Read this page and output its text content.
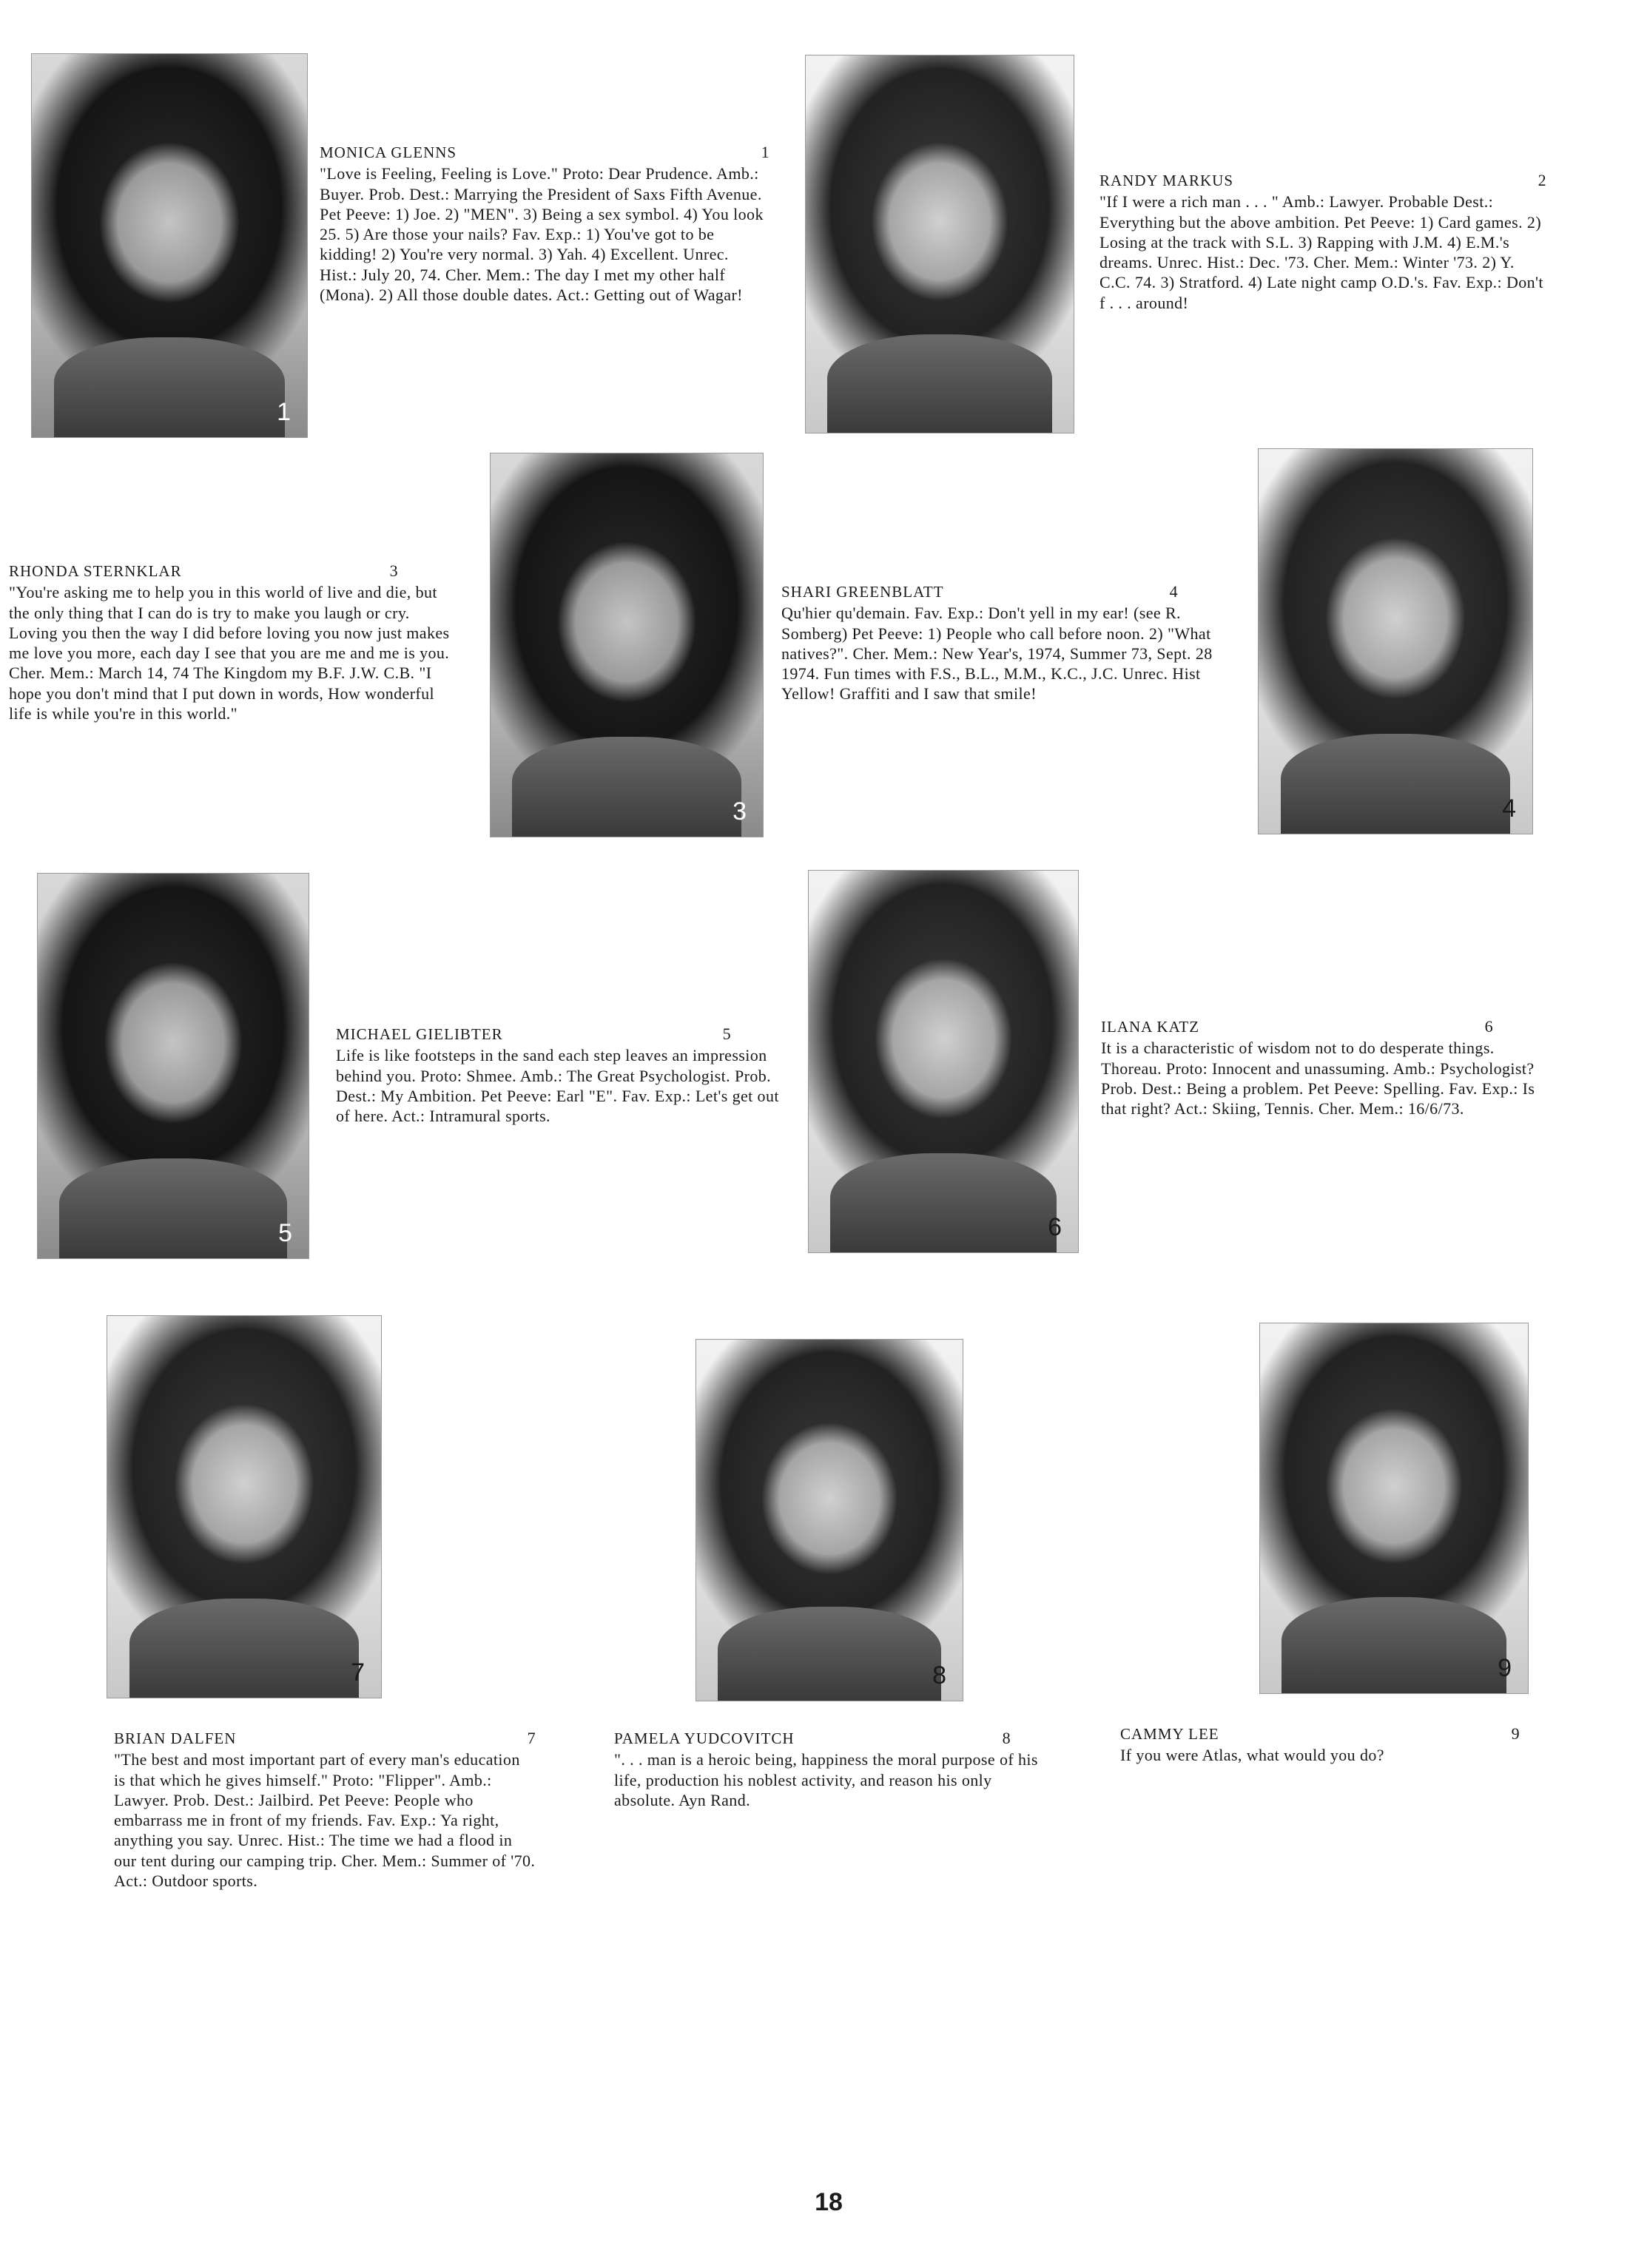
1
MONICA GLENNS	1
"Love is Feeling, Feeling is Love." Proto: Dear Prudence. Amb.: Buyer. Prob. Dest.: Marrying the President of Saxs Fifth Avenue. Pet Peeve: 1) Joe. 2) "MEN". 3) Being a sex symbol. 4) You look 25. 5) Are those your nails? Fav. Exp.: 1) You've got to be kidding! 2) You're very normal. 3) Yah. 4) Excellent. Unrec. Hist.: July 20, 74. Cher. Mem.: The day I met my other half (Mona). 2) All those double dates. Act.: Getting out of Wagar!
RANDY MARKUS	2
"If I were a rich man . . . " Amb.: Lawyer. Probable Dest.: Everything but the above ambition. Pet Peeve: 1) Card games. 2) Losing at the track with S.L. 3) Rapping with J.M. 4) E.M.'s dreams. Unrec. Hist.: Dec. '73. Cher. Mem.: Winter '73. 2) Y. C.C. 74. 3) Stratford. 4) Late night camp O.D.'s. Fav. Exp.: Don't f . . . around!
RHONDA STERNKLAR	3
"You're asking me to help you in this world of live and die, but the only thing that I can do is try to make you laugh or cry. Loving you then the way I did before loving you now just makes me love you more, each day I see that you are me and me is you. Cher. Mem.: March 14, 74 The Kingdom my B.F. J.W. C.B. "I hope you don't mind that I put down in words, How wonderful life is while you're in this world."
3
SHARI GREENBLATT	4
Qu'hier qu'demain. Fav. Exp.: Don't yell in my ear! (see R. Somberg) Pet Peeve: 1) People who call before noon. 2) "What natives?". Cher. Mem.: New Year's, 1974, Summer 73, Sept. 28 1974. Fun times with F.S., B.L., M.M., K.C., J.C. Unrec. Hist Yellow! Graffiti and I saw that smile!
4
5
MICHAEL GIELIBTER	5
Life is like footsteps in the sand each step leaves an impression behind you. Proto: Shmee. Amb.: The Great Psychologist. Prob. Dest.: My Ambition. Pet Peeve: Earl "E". Fav. Exp.: Let's get out of here. Act.: Intramural sports.
6
ILANA KATZ	6
It is a characteristic of wisdom not to do desperate things. Thoreau. Proto: Innocent and unassuming. Amb.: Psychologist? Prob. Dest.: Being a problem. Pet Peeve: Spelling. Fav. Exp.: Is that right? Act.: Skiing, Tennis. Cher. Mem.: 16/6/73.
7	8	9
BRIAN DALFEN	7
"The best and most important part of every man's education is that which he gives himself." Proto: "Flipper". Amb.: Lawyer. Prob. Dest.: Jailbird. Pet Peeve: People who embarrass me in front of my friends. Fav. Exp.: Ya right, anything you say. Unrec. Hist.: The time we had a flood in our tent during our camping trip. Cher. Mem.: Summer of '70. Act.: Outdoor sports.
PAMELA YUDCOVITCH	8
". . . man is a heroic being, happiness the moral purpose of his life, production his noblest activity, and reason his only absolute. Ayn Rand.
CAMMY LEE	9
If you were Atlas, what would you do?
18
